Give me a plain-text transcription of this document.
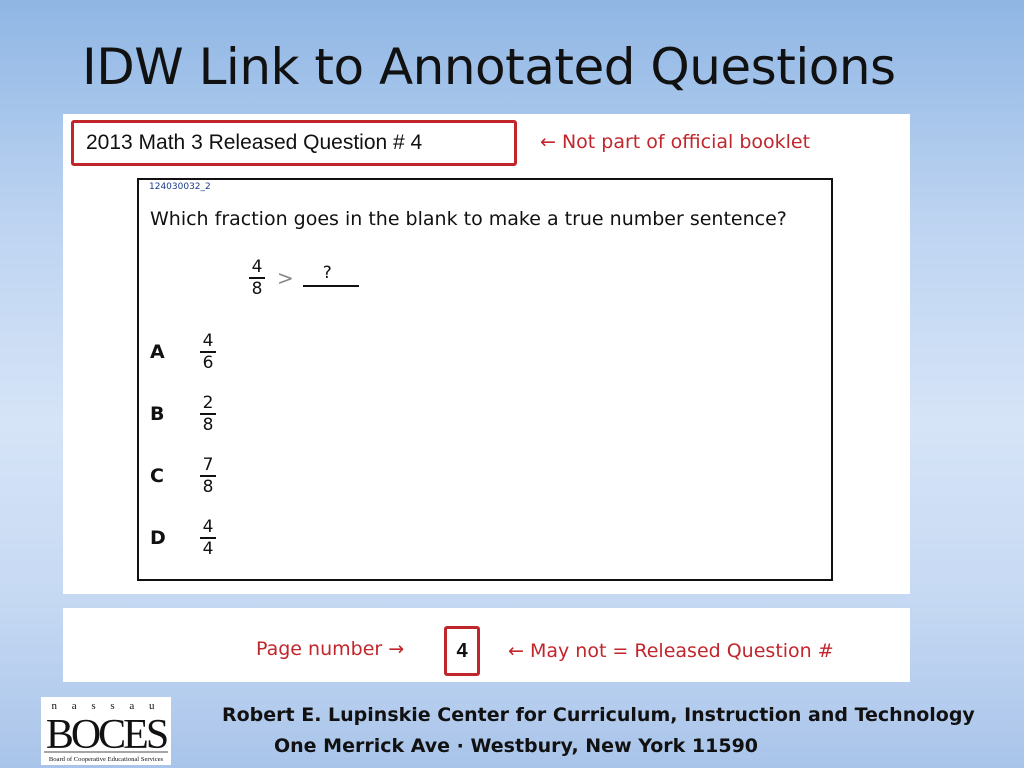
IDW Link to Annotated Questions
2013 Math 3 Released Question # 4	← Not part of official booklet
124030032_2
Which fraction goes in the blank to make a true number sentence?
$\frac{4}{8}$ > ?
A	$\frac{4}{6}$
B	$\frac{2}{8}$
C	$\frac{7}{8}$
D	$\frac{4}{4}$
Page number →	4 ← May not = Released Question #
n a s s a u
BOCES
Board of Cooperative Educational Services
Robert E. Lupinskie Center for Curriculum, Instruction and Technology
One Merrick Ave · Westbury, New York 11590
